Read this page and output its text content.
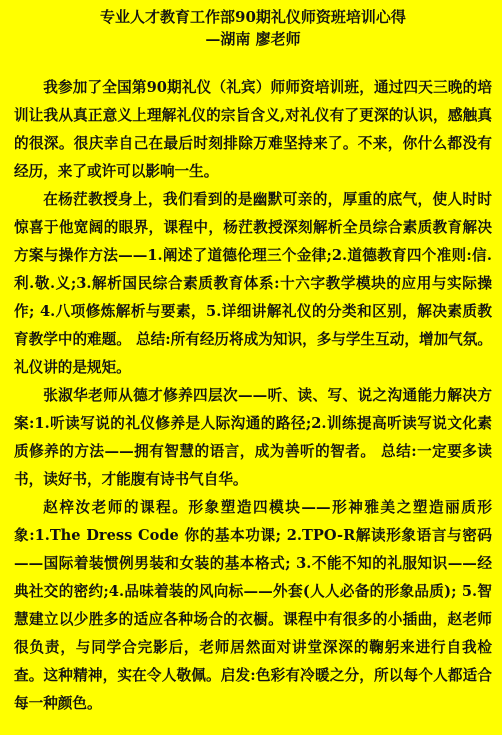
专业人才教育工作部90期礼仪师资班培训心得

—湖南 廖老师

我参加了全国第90期礼仪（礼宾）师师资培训班，通过四天三晚的培训让我从真正意义上理解礼仪的宗旨含义,对礼仪有了更深的认识，感触真的很深。很庆幸自己在最后时刻排除万难坚持来了。不来，你什么都没有经历，来了或许可以影响一生。

在杨茳教授身上，我们看到的是幽默可亲的，厚重的底气，使人时时惊喜于他宽阔的眼界，课程中，杨茳教授深刻解析全员综合素质教育解决方案与操作方法——1.阐述了道德伦理三个金律;2.道德教育四个准则:信.利.敬.义;3.解析国民综合素质教育体系:十六字教学模块的应用与实际操作; 4.八项修炼解析与要素，5.详细讲解礼仪的分类和区别，解决素质教育教学中的难题。 总结:所有经历将成为知识，多与学生互动，增加气氛。礼仪讲的是规矩。

张淑华老师从德才修养四层次——听、读、写、说之沟通能力解决方案:1.听读写说的礼仪修养是人际沟通的路径;2.训练提高听读写说文化素质修养的方法——拥有智慧的语言，成为善听的智者。 总结:一定要多读书，读好书，才能腹有诗书气自华。

赵梓汝老师的课程。形象塑造四模块——形神雅美之塑造丽质形象:1.The Dress Code 你的基本功课; 2.TPO-R解读形象语言与密码——国际着装惯例男装和女装的基本格式; 3.不能不知的礼服知识——经典社交的密约;4.品味着装的风向标——外套(人人必备的形象品质); 5.智慧建立以少胜多的适应各种场合的衣橱。课程中有很多的小插曲，赵老师很负责，与同学合完影后，老师居然面对讲堂深深的鞠躬来进行自我检查。这种精神，实在令人敬佩。启发:色彩有冷暖之分，所以每个人都适合每一种颜色。
